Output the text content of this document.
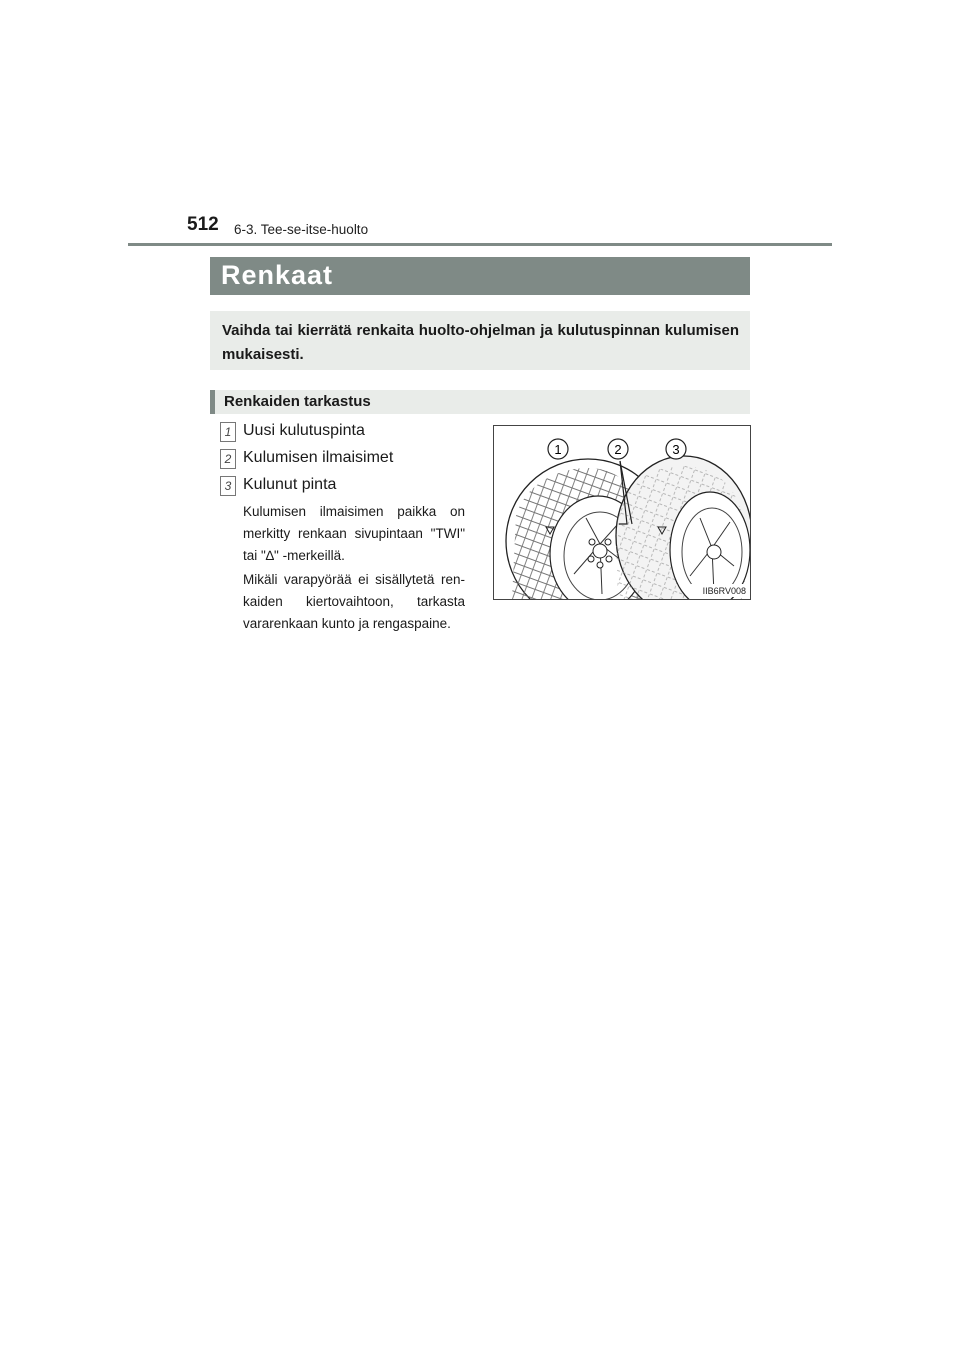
512 6-3. Tee-se-itse-huolto
Renkaat

Vaihda tai kierrätä renkaita huolto-ohjelman ja kulutuspinnan kulumisen mukaisesti.

Renkaiden tarkastus
1 Uusi kulutuspinta
2 Kulumisen ilmaisimet
3 Kulunut pinta

Kulumisen ilmaisimen paikka on merkitty renkaan sivupintaan "TWI" tai "∆" -merkeillä.

Mikäli varapyörää ei sisällytetä ren-kaiden kiertovaihtoon, tarkasta vararenkaan kunto ja rengaspaine.

1	2	3
IIB6RV008
